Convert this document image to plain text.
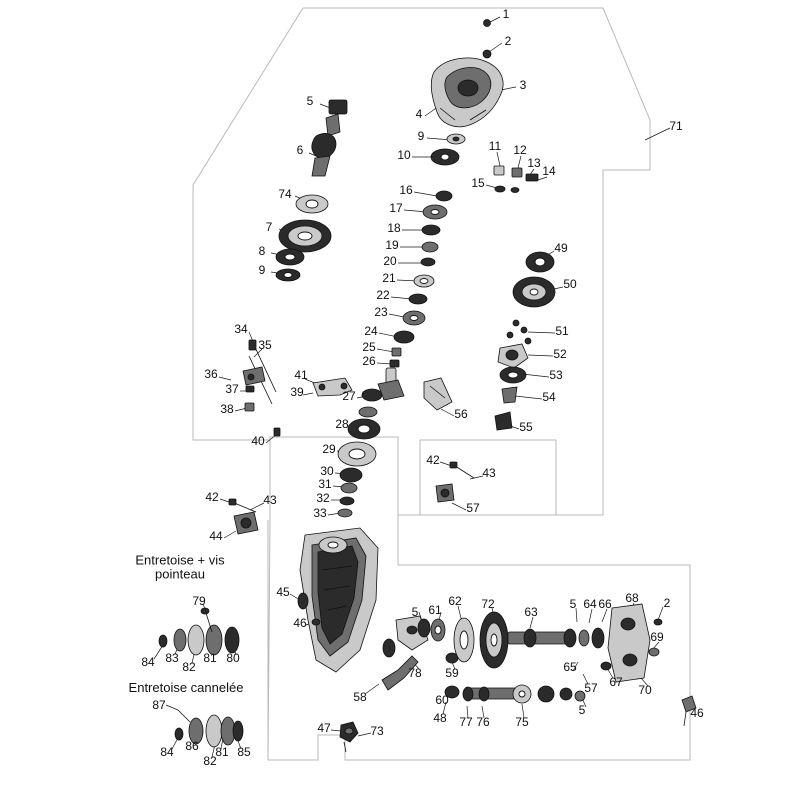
Entretoise + vis
pointeau
Entretoise cannelée
1
2
3
4
5
6
7
8
9
9
10
11 12
13
14
15
16
17
18
19
20
21
22
23
24
25
26
27
28
29
30
31
32
33
34
35
36
37
38
39
40
41
42
42
43
43
44
45
46
46
47
48
49
50
51
52
53
54
55
56
57
57
58
59
60
61
62
63
64
65
66
67
68
69
70
71
72
73
74
75
76
77
78
79
80
81
82
83
84
84	85
86
87
81
82
2
5
5
5
